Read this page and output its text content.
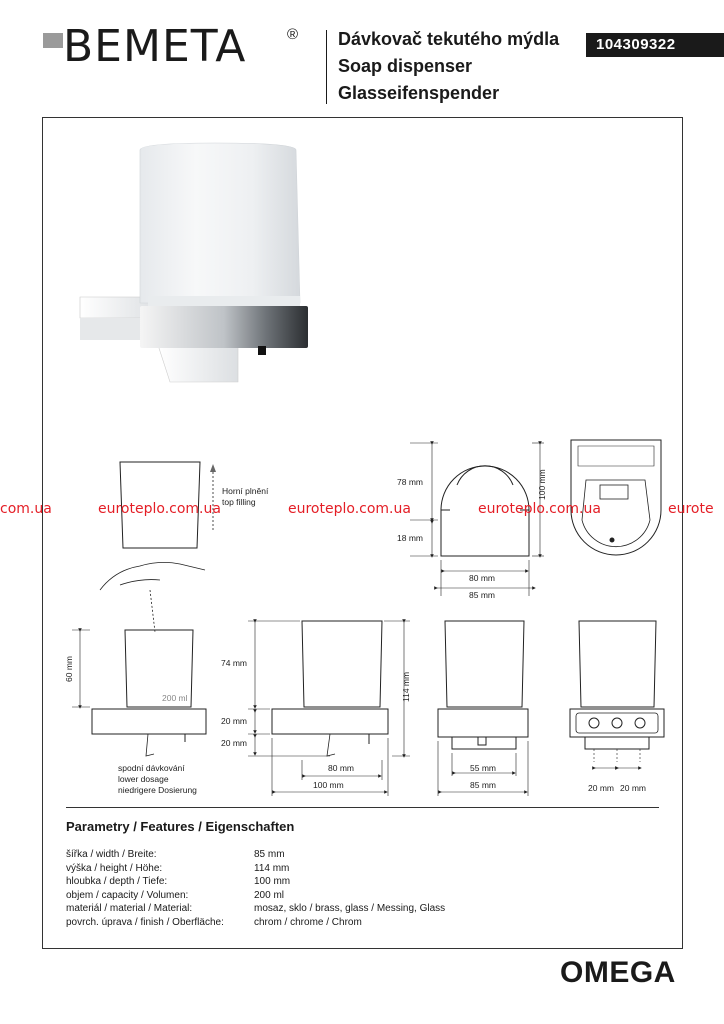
BEMETA	® Dávkovač tekutého mýdla
Soap dispenser
Glasseifenspender
104309322
78 mm
18 mm
100 mm
80 mm
85 mm
Horní plnění
top filling
60 mm
200 ml
spodní dávkování
lower dosage
niedrigere Dosierung
74 mm
20 mm
20 mm
114 mm
80 mm
100 mm
55 mm
85 mm	20 mm 20 mm
com.ua	euroteplo.com.ua	euroteplo.com.ua	euroteplo.com.ua	eurote
Parametry / Features / Eigenschaften
šířka / width / Breite:	85 mm
výška / height / Höhe:	114 mm
hloubka / depth / Tiefe:	100 mm
objem / capacity / Volumen:	200 ml
materiál / material / Material:	mosaz, sklo / brass, glass / Messing, Glass
povrch. úprava / finish / Oberfläche:	chrom / chrome / Chrom
OMEGA
